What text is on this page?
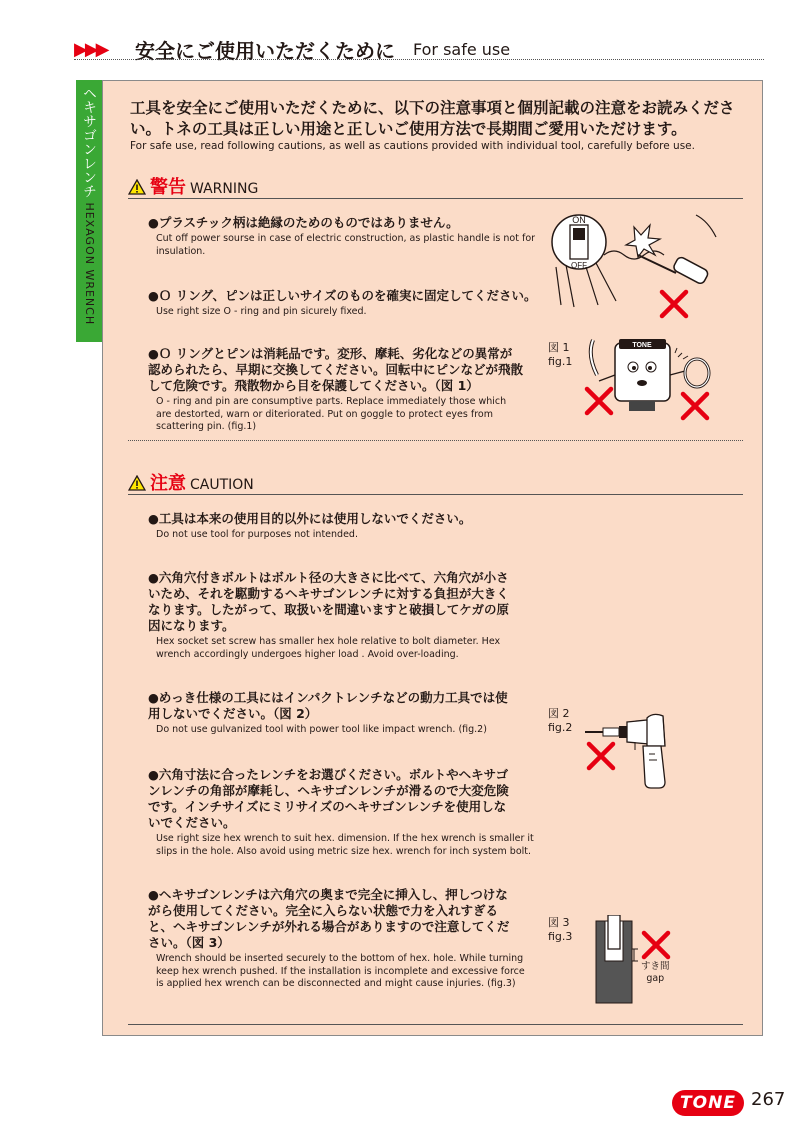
▶▶▶ 安全にご使用いただくために For safe use
ヘキサゴンレンチ HEXAGON WRENCH
工具を安全にご使用いただくために、以下の注意事項と個別記載の注意をお読みください。トネの工具は正しい用途と正しいご使用方法で長期間ご愛用いただけます。
For safe use, read following cautions, as well as cautions provided with individual tool, carefully before use.
警告 WARNING
●プラスチック柄は絶縁のためのものではありません。
Cut off power sourse in case of electric construction, as plastic handle is not for insulation.
●Ｏ リング、ピンは正しいサイズのものを確実に固定してください。
Use right size O - ring and pin sicurely fixed.
●Ｏ リングとピンは消耗品です。変形、摩耗、劣化などの異常が認められたら、早期に交換してください。回転中にピンなどが飛散して危険です。飛散物から目を保護してください。（図 1）
O - ring and pin are consumptive parts. Replace immediately those which are destorted, warn or diteriorated. Put on goggle to protect eyes from scattering pin. (fig.1)
ON
OFF
図 1
fig.1
TONE
注意 CAUTION
●工具は本来の使用目的以外には使用しないでください。
Do not use tool for purposes not intended.
●六角穴付きボルトはボルト径の大きさに比べて、六角穴が小さいため、それを駆動するヘキサゴンレンチに対する負担が大きくなります。したがって、取扱いを間違いますと破損してケガの原因になります。
Hex socket set screw has smaller hex hole relative to bolt diameter. Hex wrench accordingly undergoes higher load . Avoid over-loading.
●めっき仕様の工具にはインパクトレンチなどの動力工具では使用しないでください。（図 2）
Do not use gulvanized tool with power tool like impact wrench. (fig.2)
●六角寸法に合ったレンチをお選びください。ボルトやヘキサゴンレンチの角部が摩耗し、ヘキサゴンレンチが滑るので大変危険です。インチサイズにミリサイズのヘキサゴンレンチを使用しないでください。
Use right size hex wrench to suit hex. dimension. If the hex wrench is smaller it slips in the hole. Also avoid using metric size hex. wrench for inch system bolt.
●ヘキサゴンレンチは六角穴の奥まで完全に挿入し、押しつけながら使用してください。完全に入らない状態で力を入れすぎると、ヘキサゴンレンチが外れる場合がありますので注意してください。（図 3）
Wrench should be inserted securely to the bottom of hex. hole. While turning keep hex wrench pushed. If the installation is incomplete and excessive force is applied hex wrench can be disconnected and might cause injuries. (fig.3)
図 2
fig.2
図 3
fig.3
すき間
gap
TONE 267
